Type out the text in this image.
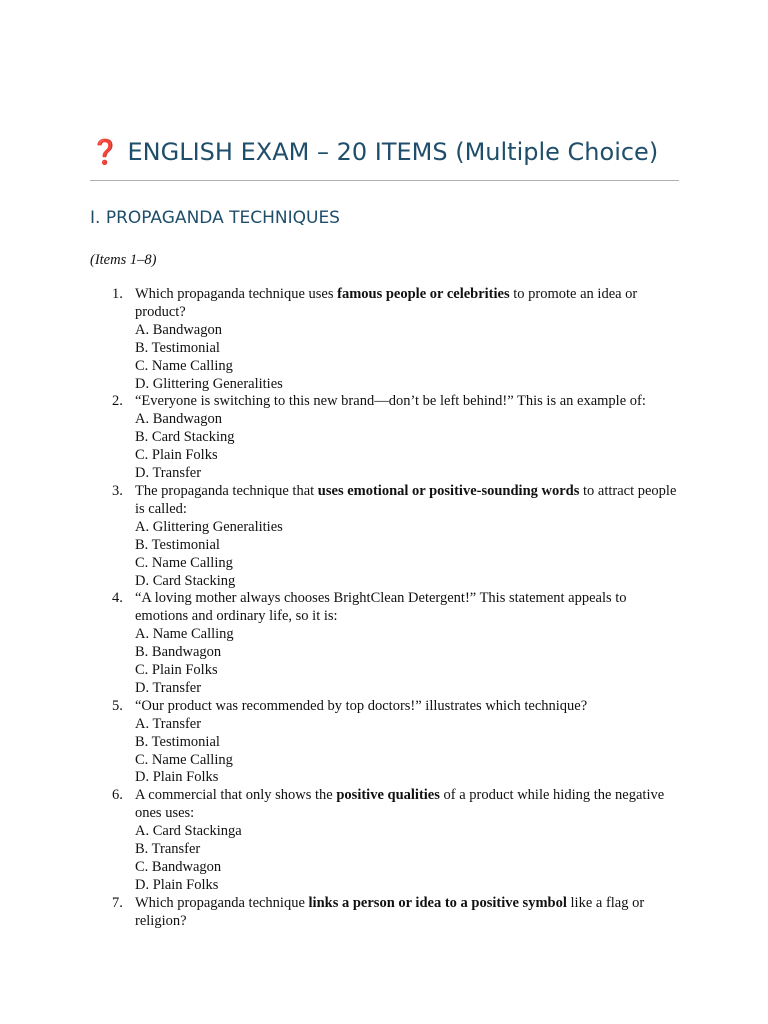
❓ ENGLISH EXAM – 20 ITEMS (Multiple Choice)
I. PROPAGANDA TECHNIQUES

(Items 1–8)

1. Which propaganda technique uses famous people or celebrities to promote an idea or product?
A. Bandwagon
B. Testimonial
C. Name Calling
D. Glittering Generalities
2. “Everyone is switching to this new brand—don’t be left behind!” This is an example of:
A. Bandwagon
B. Card Stacking
C. Plain Folks
D. Transfer
3. The propaganda technique that uses emotional or positive-sounding words to attract people is called:
A. Glittering Generalities
B. Testimonial
C. Name Calling
D. Card Stacking
4. “A loving mother always chooses BrightClean Detergent!” This statement appeals to emotions and ordinary life, so it is:
A. Name Calling
B. Bandwagon
C. Plain Folks
D. Transfer
5. “Our product was recommended by top doctors!” illustrates which technique?
A. Transfer
B. Testimonial
C. Name Calling
D. Plain Folks
6. A commercial that only shows the positive qualities of a product while hiding the negative ones uses:
A. Card Stackinga
B. Transfer
C. Bandwagon
D. Plain Folks
7. Which propaganda technique links a person or idea to a positive symbol like a flag or religion?
